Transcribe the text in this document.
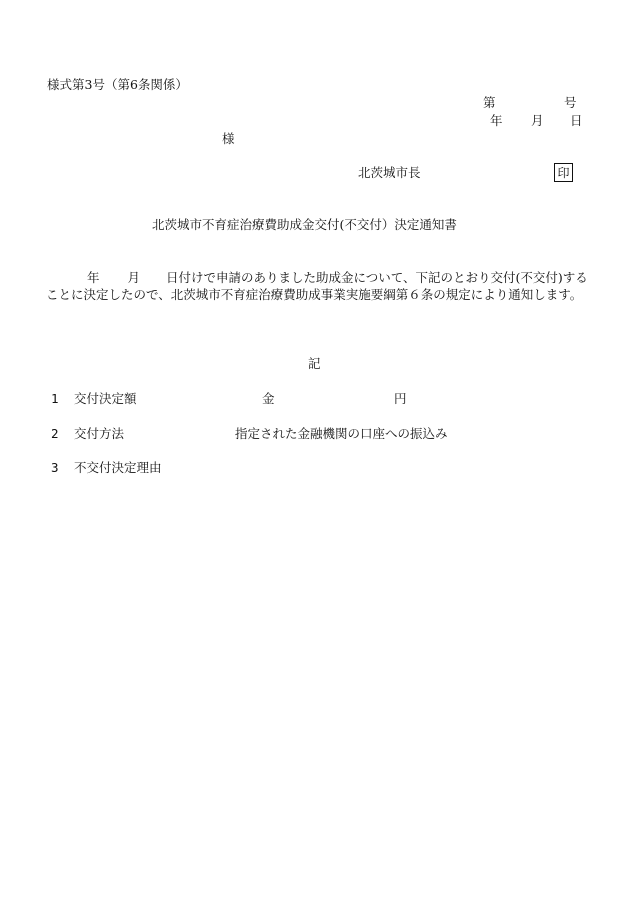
様式第3号（第6条関係）
第	号
年 月 日
様
北茨城市長	印
北茨城市不育症治療費助成金交付(不交付）決定通知書
年 月 日付けで申請のありました助成金について、下記のとおり交付(不交付)することに決定したので、北茨城市不育症治療費助成事業実施要綱第６条の規定により通知します。
記
1 交付決定額	金	円
2 交付方法	指定された金融機関の口座への振込み
3 不交付決定理由
